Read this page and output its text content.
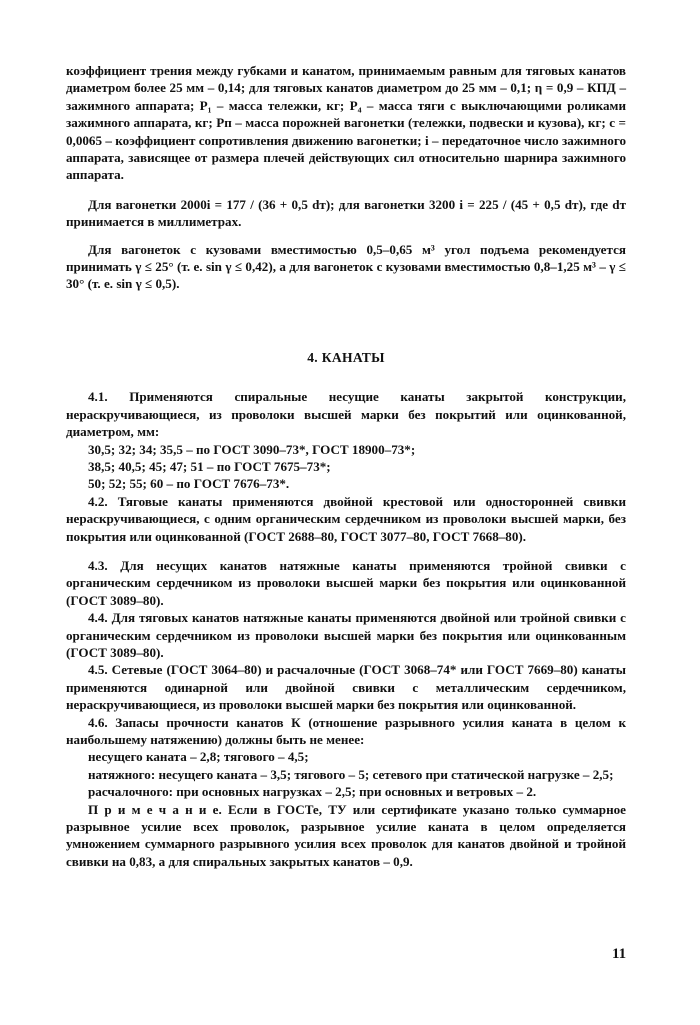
коэффициент трения между губками и канатом, принимаемым равным для тяговых канатов диаметром более 25 мм – 0,14; для тяговых канатов диаметром до 25 мм – 0,1; η = 0,9 – КПД – зажимного аппарата; P₁ – масса тележки, кг; P₄ – масса тяги с выключающими роликами зажимного аппарата, кг; Pп – масса порожней вагонетки (тележки, подвески и кузова), кг; c = 0,0065 – коэффициент сопротивления движению вагонетки; i – передаточное число зажимного аппарата, зависящее от размера плечей действующих сил относительно шарнира зажимного аппарата.

Для вагонетки 2000i = 177 / (36 + 0,5 dт); для вагонетки 3200 i = 225 / (45 + 0,5 dт), где dт принимается в миллиметрах.

Для вагонеток с кузовами вместимостью 0,5–0,65 м³ угол подъема рекомендуется принимать γ ≤ 25° (т. е. sin γ ≤ 0,42), а для вагонеток с кузовами вместимостью 0,8–1,25 м³ – γ ≤ 30° (т. е. sin γ ≤ 0,5).

4. КАНАТЫ

4.1. Применяются спиральные несущие канаты закрытой конструкции, нераскручивающиеся, из проволоки высшей марки без покрытий или оцинкованной, диаметром, мм:

30,5; 32; 34; 35,5 – по ГОСТ 3090–73*, ГОСТ 18900–73*;

38,5; 40,5; 45; 47; 51 – по ГОСТ 7675–73*;

50; 52; 55; 60 – по ГОСТ 7676–73*.

4.2. Тяговые канаты применяются двойной крестовой или односторонней свивки нераскручивающиеся, с одним органическим сердечником из проволоки высшей марки, без покрытия или оцинкованной (ГОСТ 2688–80, ГОСТ 3077–80, ГОСТ 7668–80).

4.3. Для несущих канатов натяжные канаты применяются тройной свивки с органическим сердечником из проволоки высшей марки без покрытия или оцинкованной (ГОСТ 3089–80).

4.4. Для тяговых канатов натяжные канаты применяются двойной или тройной свивки с органическим сердечником из проволоки высшей марки без покрытия или оцинкованным (ГОСТ 3089–80).

4.5. Сетевые (ГОСТ 3064–80) и расчалочные (ГОСТ 3068–74* или ГОСТ 7669–80) канаты применяются одинарной или двойной свивки с металлическим сердечником, нераскручивающиеся, из проволоки высшей марки без покрытия или оцинкованной.

4.6. Запасы прочности канатов К (отношение разрывного усилия каната в целом к наибольшему натяжению) должны быть не менее:

несущего каната – 2,8; тягового – 4,5;

натяжного: несущего каната – 3,5; тягового – 5; сетевого при статической нагрузке – 2,5;

расчалочного: при основных нагрузках – 2,5; при основных и ветровых – 2.

П р и м е ч а н и е. Если в ГОСТе, ТУ или сертификате указано только суммарное разрывное усилие всех проволок, разрывное усилие каната в целом определяется умножением суммарного разрывного усилия всех проволок для канатов двойной и тройной свивки на 0,83, а для спиральных закрытых канатов – 0,9.

11
